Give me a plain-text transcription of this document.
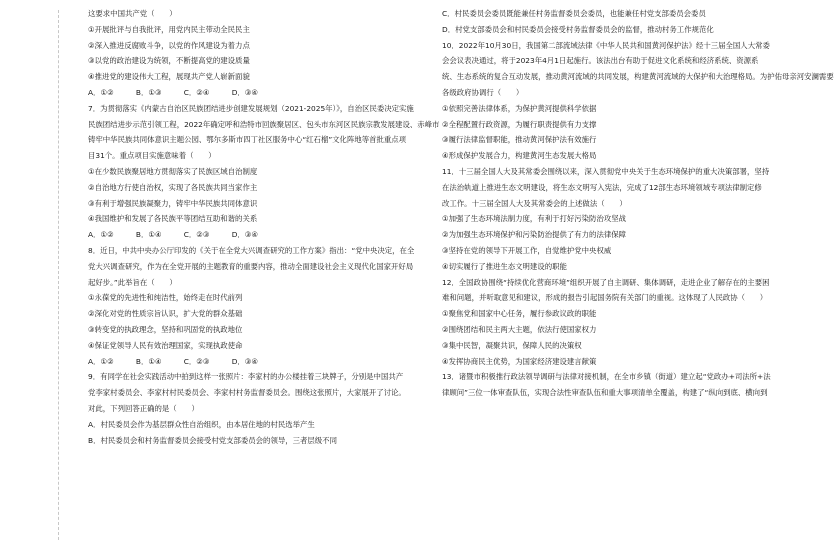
这要求中国共产党（　　）
①开展批评与自我批评，用党内民主带动全民民主
②深入推进反腐败斗争，以党的作风建设为着力点
③以党的政治建设为统领，不断提高党的建设质量
④推进党的建设伟大工程，展现共产党人崭新面貌
A．①②　　　B．①③　　　C．②④　　　D．③④
7．为贯彻落实《内蒙古自治区民族团结进步创建发展规划（2021-2025年）》，自治区民委决定实施
民族团结进步示范引领工程，2022年确定呼和浩特市回族聚居区、包头市东河区民族宗教发展建设、赤峰市
铸牢中华民族共同体意识主题公园、鄂尔多斯市四丁社区服务中心“红石榴”文化阵地等首批重点项
目31个。重点项目实施意味着（　　）
①在少数民族聚居地方贯彻落实了民族区域自治制度
②自治地方行使自治权，实现了各民族共同当家作主
③有利于增强民族凝聚力，铸牢中华民族共同体意识
④我国维护和发展了各民族平等团结互助和谐的关系
A．①②　　　B．①④　　　C．②③　　　D．③④
8．近日，中共中央办公厅印发的《关于在全党大兴调查研究的工作方案》指出：“党中央决定，在全
党大兴调查研究，作为在全党开展的主题教育的重要内容，推动全面建设社会主义现代化国家开好局
起好步。”此举旨在（　　）
①永葆党的先进性和纯洁性，始终走在时代前列
②深化对党的性质宗旨认识，扩大党的群众基础
③转变党的执政理念，坚持和巩固党的执政地位
④保证党领导人民有效治理国家，实现执政使命
A．①②　　　B．①④　　　C．②③　　　D．③④
9．有同学在社会实践活动中拍到这样一张照片：李家村的办公楼挂着三块牌子，分别是中国共产
党李家村委员会、李家村村民委员会、李家村村务监督委员会。围绕这张照片，大家展开了讨论。
对此，下列回答正确的是（　　）
A．村民委员会作为基层群众性自治组织，由本居住地的村民选举产生
B．村民委员会和村务监督委员会接受村党支部委员会的领导，三者层级不同
C．村民委员会委员既能兼任村务监督委员会委员，也能兼任村党支部委员会委员
D．村党支部委员会和村民委员会接受村务监督委员会的监督，推动村务工作规范化
10．2022年10月30日，我国第二部流域法律《中华人民共和国黄河保护法》经十三届全国人大常委
会会议表决通过，将于2023年4月1日起施行。该法出台有助于促进文化系统和经济系统、资源系
统、生态系统的复合互动发展，推动黄河流域的共同发展，构建黄河流域的大保护和大治理格局。为护佑母亲河安澜需要
各级政府协调行（　　）
①依照完善法律体系，为保护黄河提供科学依据
②全程配置行政资源，为履行职责提供有力支撑
③履行法律监督职能，推动黄河保护法有效施行
④形成保护发展合力，构建黄河生态发展大格局
11．十三届全国人大及其常委会围绕以来，深入贯彻党中央关于生态环境保护的重大决策部署，坚持
在法治轨道上推进生态文明建设，将生态文明写入宪法，完成了12部生态环境领域专项法律制定修
改工作。十三届全国人大及其常委会的上述做法（　　）
①加强了生态环境法制力度，有利于打好污染防治攻坚战
②为加强生态环境保护和污染防治提供了有力的法律保障
③坚持在党的领导下开展工作，自觉维护党中央权威
④切实履行了推进生态文明建设的职能
12．全国政协围绕“持续优化营商环境”组织开展了自主调研、集体调研，走进企业了解存在的主要困
难和问题，并听取意见和建议，形成的报告引起国务院有关部门的重视。这体现了人民政协（　　）
①聚焦党和国家中心任务，履行参政议政的职能
②围绕团结和民主两大主题，依法行使国家权力
③集中民智，凝聚共识，保障人民的决策权
④发挥协商民主优势，为国家经济建设建言献策
13．诸暨市积极推行政法领导调研与法律对接机制，在全市乡镇（街道）建立起“党政办+司法所+法
律顾问”三位一体审查队伍，实现合法性审查队伍和重大事项清单全覆盖，构建了“纵向到底、横向到
